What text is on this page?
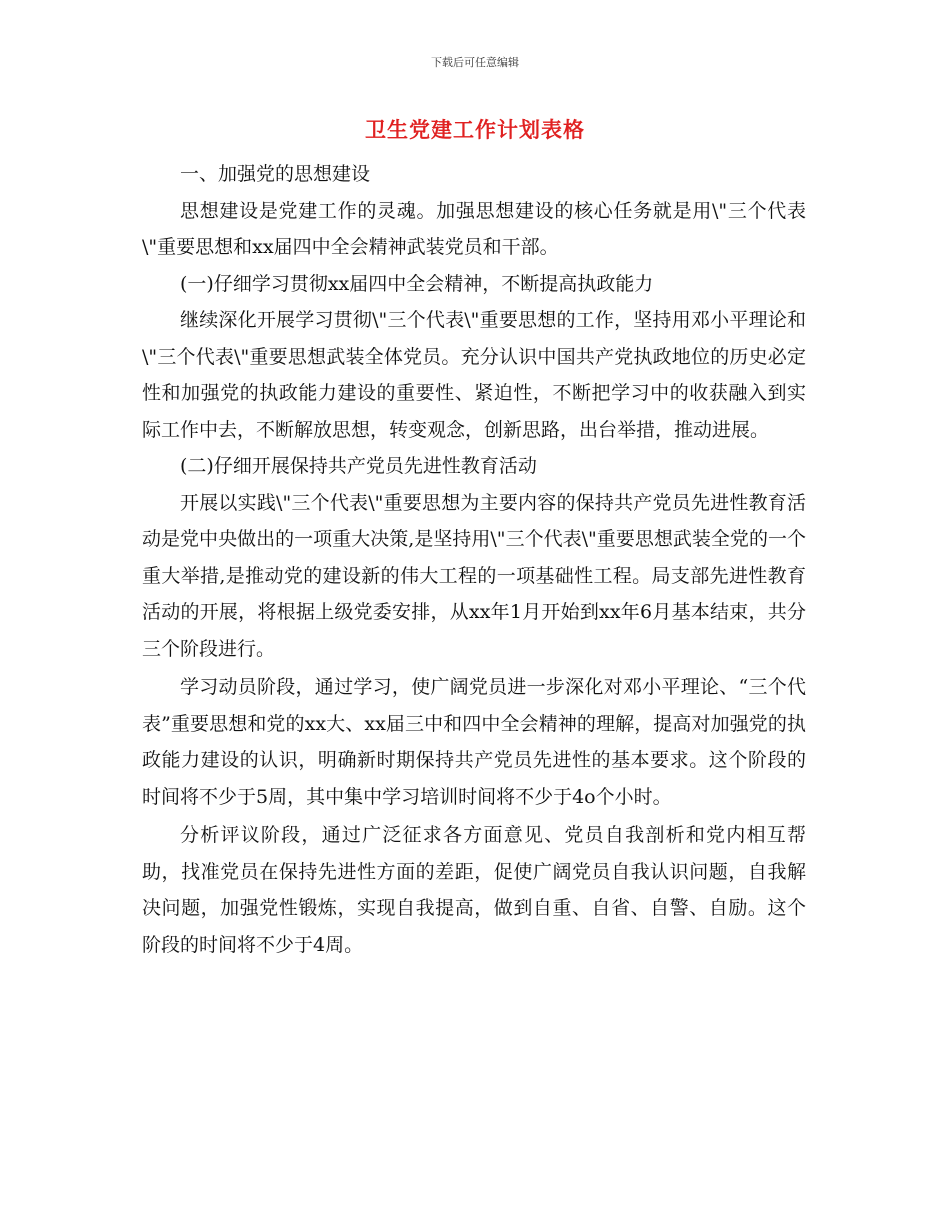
下载后可任意编辑
卫生党建工作计划表格

一、加强党的思想建设

思想建设是党建工作的灵魂。加强思想建设的核心任务就是用\"三个代表\"重要思想和xx届四中全会精神武装党员和干部。

(一)仔细学习贯彻xx届四中全会精神，不断提高执政能力

继续深化开展学习贯彻\"三个代表\"重要思想的工作，坚持用邓小平理论和\"三个代表\"重要思想武装全体党员。充分认识中国共产党执政地位的历史必定性和加强党的执政能力建设的重要性、紧迫性，不断把学习中的收获融入到实际工作中去，不断解放思想，转变观念，创新思路，出台举措，推动进展。

(二)仔细开展保持共产党员先进性教育活动

开展以实践\"三个代表\"重要思想为主要内容的保持共产党员先进性教育活动是党中央做出的一项重大决策,是坚持用\"三个代表\"重要思想武装全党的一个重大举措,是推动党的建设新的伟大工程的一项基础性工程。局支部先进性教育活动的开展，将根据上级党委安排，从xx年1月开始到xx年6月基本结束，共分三个阶段进行。

学习动员阶段，通过学习，使广阔党员进一步深化对邓小平理论、“三个代表”重要思想和党的xx大、xx届三中和四中全会精神的理解，提高对加强党的执政能力建设的认识，明确新时期保持共产党员先进性的基本要求。这个阶段的时间将不少于5周，其中集中学习培训时间将不少于4o个小时。

分析评议阶段，通过广泛征求各方面意见、党员自我剖析和党内相互帮助，找准党员在保持先进性方面的差距，促使广阔党员自我认识问题，自我解决问题，加强党性锻炼，实现自我提高，做到自重、自省、自警、自励。这个阶段的时间将不少于4周。
